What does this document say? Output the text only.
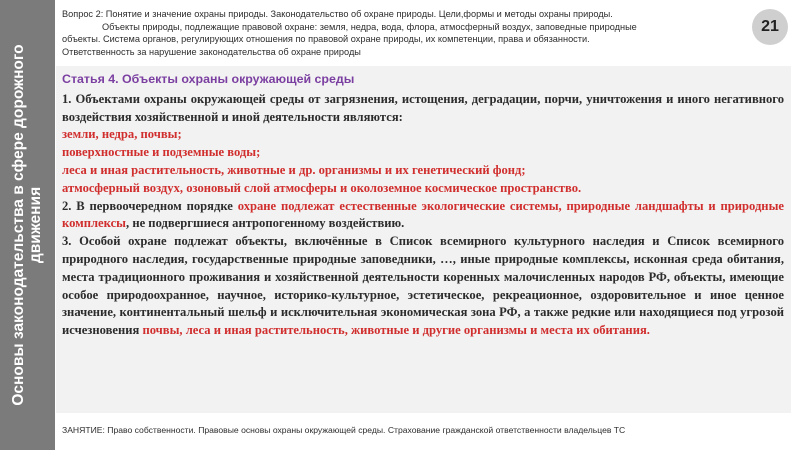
Основы законодательства в сфере дорожного движения

Вопрос 2: Понятие и значение охраны природы. Законодательство об охране природы. Цели,формы и методы охраны природы.

Объекты природы, подлежащие правовой охране: земля, недра, вода, флора, атмосферный воздух, заповедные природные

объекты. Система органов, регулирующих отношения по правовой охране природы, их компетенции, права и обязанности.

Ответственность за нарушение законодательства об охране природы

21

Статья 4. Объекты охраны окружающей среды

1. Объектами охраны окружающей среды от загрязнения, истощения, деградации, порчи, уничтожения и иного негативного воздействия хозяйственной и иной деятельности являются:

земли, недра, почвы;

поверхностные и подземные воды;

леса и иная растительность, животные и др. организмы и их генетический фонд;

атмосферный воздух, озоновый слой атмосферы и околоземное космическое пространство.

2. В первоочередном порядке охране подлежат естественные экологические системы, природные ландшафты и природные комплексы, не подвергшиеся антропогенному воздействию.

3. Особой охране подлежат объекты, включённые в Список всемирного культурного наследия и Список всемирного природного наследия, государственные природные заповедники, …, иные природные комплексы, исконная среда обитания, места традиционного проживания и хозяйственной деятельности коренных малочисленных народов РФ, объекты, имеющие особое природоохранное, научное, историко-культурное, эстетическое, рекреационное, оздоровительное и иное ценное значение, континентальный шельф и исключительная экономическая зона РФ, а также редкие или находящиеся под угрозой исчезновения почвы, леса и иная растительность, животные и другие организмы и места их обитания.

ЗАНЯТИЕ: Право собственности. Правовые основы охраны окружающей среды. Страхование гражданской ответственности владельцев ТС
